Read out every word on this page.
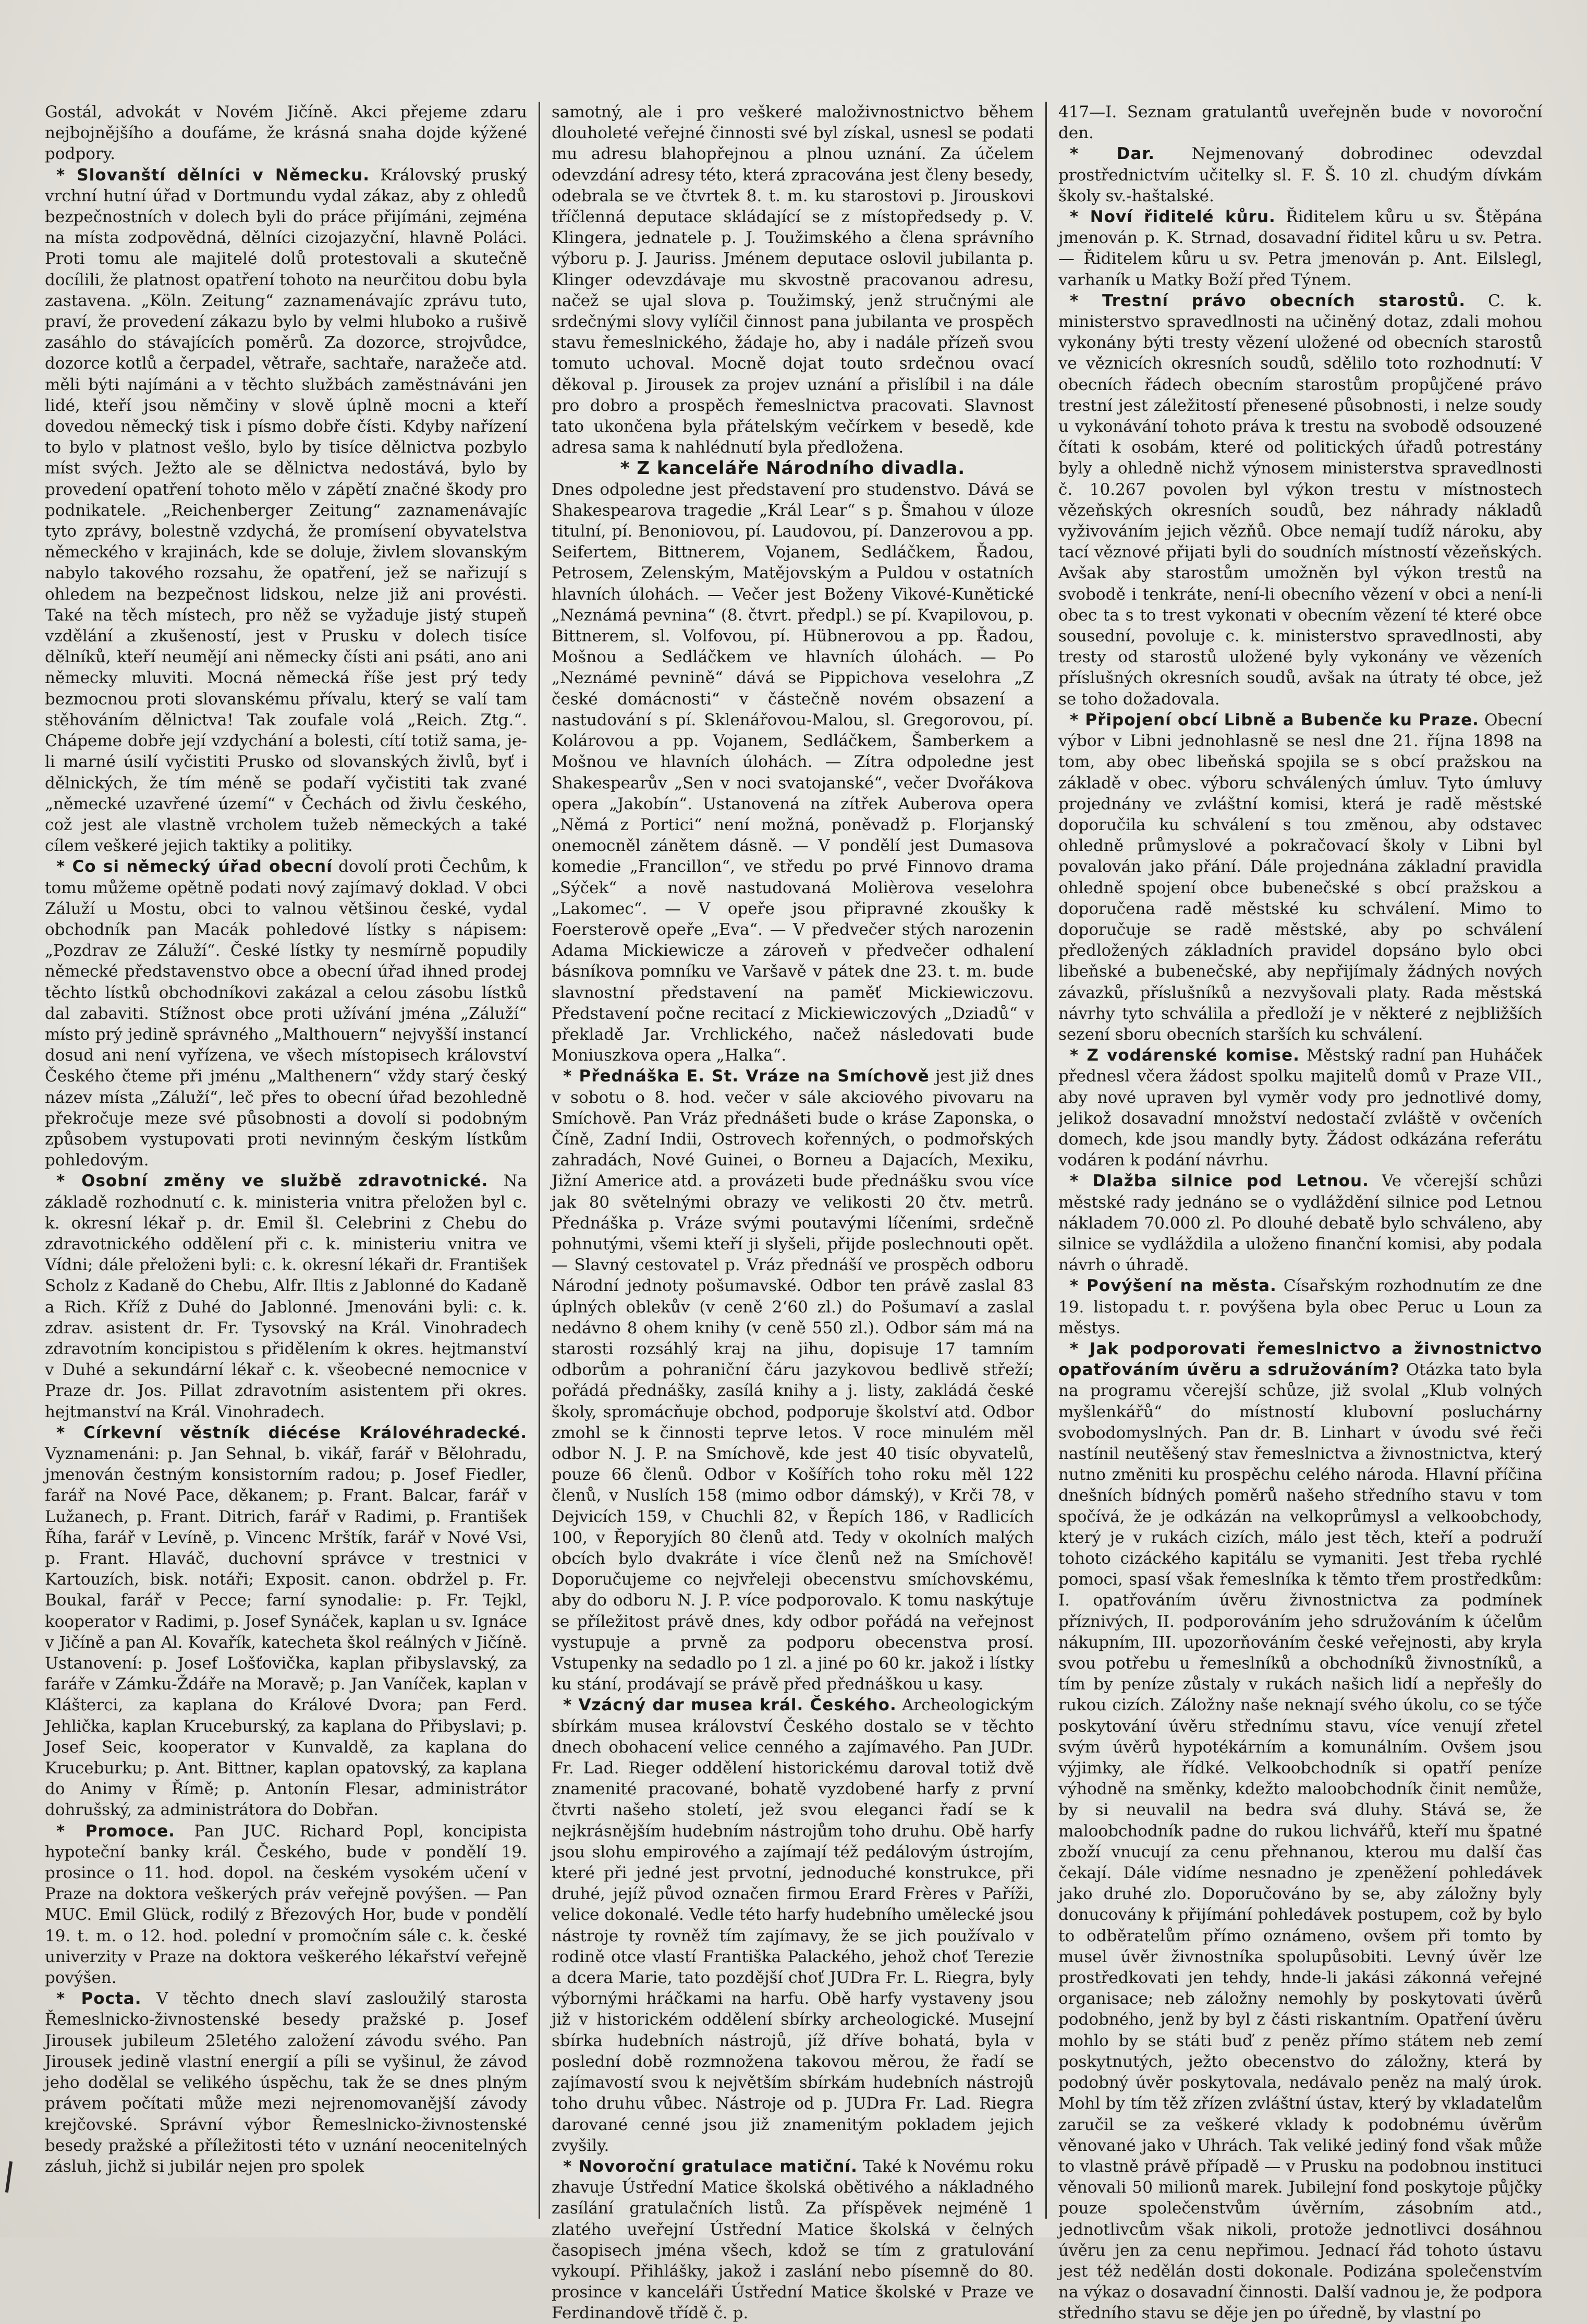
Gostál, advokát v Novém Jičíně. Akci přejeme zdaru nejbojnějšího a doufáme, že krásná snaha dojde kýžené podpory.

* Slovanští dělníci v Německu. Královský pruský vrchní hutní úřad v Dortmundu vydal zákaz, aby z ohledů bezpečnostních v dolech byli do práce přijímáni, zejména na místa zodpovědná, dělníci cizojazyční, hlavně Poláci. Proti tomu ale majitelé dolů protestovali a skutečně docílili, že platnost opatření tohoto na neurčitou dobu byla zastavena. „Köln. Zeitung“ zaznamenávajíc zprávu tuto, praví, že provedení zákazu bylo by velmi hluboko a rušivě zasáhlo do stávajících poměrů. Za dozorce, strojvůdce, dozorce kotlů a čerpadel, větraře, sachtaře, naražeče atd. měli býti najímáni a v těchto službách zaměstnáváni jen lidé, kteří jsou němčiny v slově úplně mocni a kteří dovedou německý tisk i písmo dobře čísti. Kdyby nařízení to bylo v platnost vešlo, bylo by tisíce dělnictva pozbylo míst svých. Ježto ale se dělnictva nedostává, bylo by provedení opatření tohoto mělo v zápětí značné škody pro podnikatele. „Reichenberger Zeitung“ zaznamenávajíc tyto zprávy, bolestně vzdychá, že promísení obyvatelstva německého v krajinách, kde se doluje, živlem slovanským nabylo takového rozsahu, že opatření, jež se nařizují s ohledem na bezpečnost lidskou, nelze již ani provésti. Také na těch místech, pro něž se vyžaduje jistý stupeň vzdělání a zkušeností, jest v Prusku v dolech tisíce dělníků, kteří neumějí ani německy čísti ani psáti, ano ani německy mluviti. Mocná německá říše jest prý tedy bezmocnou proti slovanskému přívalu, který se valí tam stěhováním dělnictva! Tak zoufale volá „Reich. Ztg.“. Chápeme dobře její vzdychání a bolesti, cítí totiž sama, je-li marné úsilí vyčistiti Prusko od slovanských živlů, byť i dělnických, že tím méně se podaří vyčistiti tak zvané „německé uzavřené území“ v Čechách od živlu českého, což jest ale vlastně vrcholem tužeb německých a také cílem veškeré jejich taktiky a politiky.

* Co si německý úřad obecní dovolí proti Čechům, k tomu můžeme opětně podati nový zajímavý doklad. V obci Záluží u Mostu, obci to valnou většinou české, vydal obchodník pan Macák pohledové lístky s nápisem: „Pozdrav ze Záluží“. České lístky ty nesmírně popudily německé představenstvo obce a obecní úřad ihned prodej těchto lístků obchodníkovi zakázal a celou zásobu lístků dal zabaviti. Stížnost obce proti užívání jména „Záluží“ místo prý jedině správného „Malthouern“ nejvyšší instancí dosud ani není vyřízena, ve všech místopisech království Českého čteme při jménu „Malthenern“ vždy starý český název místa „Záluží“, leč přes to obecní úřad bezohledně překročuje meze své působnosti a dovolí si podobným způsobem vystupovati proti nevinným českým lístkům pohledovým.

* Osobní změny ve službě zdravotnické. Na základě rozhodnutí c. k. ministeria vnitra přeložen byl c. k. okresní lékař p. dr. Emil šl. Celebrini z Chebu do zdravotnického oddělení při c. k. ministeriu vnitra ve Vídni; dále přeloženi byli: c. k. okresní lékaři dr. František Scholz z Kadaně do Chebu, Alfr. Iltis z Jablonné do Kadaně a Rich. Kříž z Duhé do Jablonné. Jmenováni byli: c. k. zdrav. asistent dr. Fr. Tysovský na Král. Vinohradech zdravotním koncipistou s přidělením k okres. hejtmanství v Duhé a sekundární lékař c. k. všeobecné nemocnice v Praze dr. Jos. Pillat zdravotním asistentem při okres. hejtmanství na Král. Vinohradech.

* Církevní věstník diécése Královéhradecké. Vyznamenáni: p. Jan Sehnal, b. vikář, farář v Bělohradu, jmenován čestným konsistorním radou; p. Josef Fiedler, farář na Nové Pace, děkanem; p. Frant. Balcar, farář v Lužanech, p. Frant. Ditrich, farář v Radimi, p. František Říha, farář v Levíně, p. Vincenc Mrštík, farář v Nové Vsi, p. Frant. Hlaváč, duchovní správce v trestnici v Kartouzích, bisk. notáři; Exposit. canon. obdržel p. Fr. Boukal, farář v Pecce; farní synodalie: p. Fr. Tejkl, kooperator v Radimi, p. Josef Synáček, kaplan u sv. Ignáce v Jičíně a pan Al. Kovařík, katecheta škol reálných v Jičíně. Ustanovení: p. Josef Lošťovička, kaplan přibyslavský, za faráře v Zámku-Ždáře na Moravě; p. Jan Vaníček, kaplan v Klášterci, za kaplana do Králové Dvora; pan Ferd. Jehlička, kaplan Kruceburský, za kaplana do Přibyslavi; p. Josef Seic, kooperator v Kunvaldě, za kaplana do Kruceburku; p. Ant. Bittner, kaplan opatovský, za kaplana do Animy v Římě; p. Antonín Flesar, administrátor dohrušský, za administrátora do Dobřan.

* Promoce. Pan JUC. Richard Popl, koncipista hypoteční banky král. Českého, bude v pondělí 19. prosince o 11. hod. dopol. na českém vysokém učení v Praze na doktora veškerých práv veřejně povýšen. — Pan MUC. Emil Glück, rodilý z Březových Hor, bude v pondělí 19. t. m. o 12. hod. polední v promočním sále c. k. české univerzity v Praze na doktora veškerého lékařství veřejně povýšen.

* Pocta. V těchto dnech slaví zasloužilý starosta Řemeslnicko-živnostenské besedy pražské p. Josef Jirousek jubileum 25letého založení závodu svého. Pan Jirousek jedině vlastní energií a píli se vyšinul, že závod jeho dodělal se velikého úspěchu, tak že se dnes plným právem počítati může mezi nejrenomovanější závody krejčovské. Správní výbor Řemeslnicko-živnostenské besedy pražské a příležitosti této v uznání neocenitelných zásluh, jichž si jubilár nejen pro spolek

samotný, ale i pro veškeré maloživnostnictvo během dlouholeté veřejné činnosti své byl získal, usnesl se podati mu adresu blahopřejnou a plnou uznání. Za účelem odevzdání adresy této, která zpracována jest členy besedy, odebrala se ve čtvrtek 8. t. m. ku starostovi p. Jirouskovi tříčlenná deputace skládající se z místopředsedy p. V. Klingera, jednatele p. J. Toužimského a člena správního výboru p. J. Jauriss. Jménem deputace oslovil jubilanta p. Klinger odevzdávaje mu skvostně pracovanou adresu, načež se ujal slova p. Toužimský, jenž stručnými ale srdečnými slovy vylíčil činnost pana jubilanta ve prospěch stavu řemeslnického, žádaje ho, aby i nadále přízeň svou tomuto uchoval. Mocně dojat touto srdečnou ovací děkoval p. Jirousek za projev uznání a přislíbil i na dále pro dobro a prospěch řemeslnictva pracovati. Slavnost tato ukončena byla přátelským večírkem v besedě, kde adresa sama k nahlédnutí byla předložena.

* Z kanceláře Národního divadla.
Dnes odpoledne jest představení pro studenstvo. Dává se Shakespearova tragedie „Král Lear“ s p. Šmahou v úloze titulní, pí. Benoniovou, pí. Laudovou, pí. Danzerovou a pp. Seifertem, Bittnerem, Vojanem, Sedláčkem, Řadou, Petrosem, Zelenským, Matějovským a Puldou v ostatních hlavních úlohách. — Večer jest Boženy Vikové-Kunětické „Neznámá pevnina“ (8. čtvrt. předpl.) se pí. Kvapilovou, p. Bittnerem, sl. Volfovou, pí. Hübnerovou a pp. Řadou, Mošnou a Sedláčkem ve hlavních úlohách. — Po „Neznámé pevnině“ dává se Pippichova veselohra „Z české domácnosti“ v částečně novém obsazení a nastudování s pí. Sklenářovou-Malou, sl. Gregorovou, pí. Kolárovou a pp. Vojanem, Sedláčkem, Šamberkem a Mošnou ve hlavních úlohách. — Zítra odpoledne jest Shakespearův „Sen v noci svatojanské“, večer Dvořákova opera „Jakobín“. Ustanovená na zítřek Auberova opera „Němá z Portici“ není možná, poněvadž p. Florjanský onemocněl zánětem dásně. — V pondělí jest Dumasova komedie „Francillon“, ve středu po prvé Finnovo drama „Sýček“ a nově nastudovaná Molièrova veselohra „Lakomec“. — V opeře jsou připravné zkoušky k Foersterově opeře „Eva“. — V předvečer stých narozenin Adama Mickiewicze a zároveň v předvečer odhalení básníkova pomníku ve Varšavě v pátek dne 23. t. m. bude slavnostní představení na paměť Mickiewiczovu. Představení počne recitací z Mickiewiczových „Dziadů“ v překladě Jar. Vrchlického, načež následovati bude Moniuszkova opera „Halka“.

* Přednáška E. St. Vráze na Smíchově jest již dnes v sobotu o 8. hod. večer v sále akciového pivovaru na Smíchově. Pan Vráz přednášeti bude o kráse Zaponska, o Číně, Zadní Indii, Ostrovech kořenných, o podmořských zahradách, Nové Guinei, o Borneu a Dajacích, Mexiku, Jižní Americe atd. a provázeti bude přednášku svou více jak 80 světelnými obrazy ve velikosti 20 čtv. metrů. Přednáška p. Vráze svými poutavými líčeními, srdečně pohnutými, všemi kteří ji slyšeli, přijde poslechnouti opět. — Slavný cestovatel p. Vráz přednáší ve prospěch odboru Národní jednoty pošumavské. Odbor ten právě zaslal 83 úplných oblekův (v ceně 2‘60 zl.) do Pošumaví a zaslal nedávno 8 ohem knihy (v ceně 550 zl.). Odbor sám má na starosti rozsáhlý kraj na jihu, dopisuje 17 tamním odborům a pohraniční čáru jazykovou bedlivě střeží; pořádá přednášky, zasílá knihy a j. listy, zakládá české školy, spromácňuje obchod, podporuje školství atd. Odbor zmohl se k činnosti teprve letos. V roce minulém měl odbor N. J. P. na Smíchově, kde jest 40 tisíc obyvatelů, pouze 66 členů. Odbor v Košířích toho roku měl 122 členů, v Nuslích 158 (mimo odbor dámský), v Krči 78, v Dejvicích 159, v Chuchli 82, v Řepích 186, v Radlicích 100, v Řeporyjích 80 členů atd. Tedy v okolních malých obcích bylo dvakráte i více členů než na Smíchově! Doporučujeme co nejvřeleji obecenstvu smíchovskému, aby do odboru N. J. P. více podporovalo. K tomu naskýtuje se příležitost právě dnes, kdy odbor pořádá na veřejnost vystupuje a prvně za podporu obecenstva prosí. Vstupenky na sedadlo po 1 zl. a jiné po 60 kr. jakož i lístky ku stání, prodávají se právě před přednáškou u kasy.

* Vzácný dar musea král. Českého. Archeologickým sbírkám musea království Českého dostalo se v těchto dnech obohacení velice cenného a zajímavého. Pan JUDr. Fr. Lad. Rieger oddělení historickému daroval totiž dvě znamenité pracované, bohatě vyzdobené harfy z první čtvrti našeho století, jež svou eleganci řadí se k nejkrásnějším hudebním nástrojům toho druhu. Obě harfy jsou slohu empirového a zajímají též pedálovým ústrojím, které při jedné jest prvotní, jednoduché konstrukce, při druhé, jejíž původ označen firmou Erard Frères v Paříži, velice dokonalé. Vedle této harfy hudebního umělecké jsou nástroje ty rovněž tím zajímavy, že se jich používalo v rodině otce vlastí Františka Palackého, jehož choť Terezie a dcera Marie, tato pozdější choť JUDra Fr. L. Riegra, byly výbornými hráčkami na harfu. Obě harfy vystaveny jsou již v historickém oddělení sbírky archeologické. Musejní sbírka hudebních nástrojů, jíž dříve bohatá, byla v poslední době rozmnožena takovou měrou, že řadí se zajímavostí svou k největším sbírkám hudebních nástrojů toho druhu vůbec. Nástroje od p. JUDra Fr. Lad. Riegra darované cenné jsou již znamenitým pokladem jejich zvyšily.

* Novoroční gratulace matiční. Také k Novému roku zhavuje Ústřední Matice školská obětivého a nákladného zasílání gratulačních listů. Za příspěvek nejméně 1 zlatého uveřejní Ústřední Matice školská v čelných časopisech jména všech, kdož se tím z gratulování vykoupí. Přihlášky, jakož i zaslání nebo písemně do 80. prosince v kanceláři Ústřední Matice školské v Praze ve Ferdinandově třídě č. p.

417—I. Seznam gratulantů uveřejněn bude v novoroční den.

* Dar. Nejmenovaný dobrodinec odevzdal prostřednictvím učitelky sl. F. Š. 10 zl. chudým dívkám školy sv.-haštalské.

* Noví řiditelé kůru. Řiditelem kůru u sv. Štěpána jmenován p. K. Strnad, dosavadní řiditel kůru u sv. Petra. — Řiditelem kůru u sv. Petra jmenován p. Ant. Eilslegl, varhaník u Matky Boží před Týnem.

* Trestní právo obecních starostů. C. k. ministerstvo spravedlnosti na učiněný dotaz, zdali mohou vykonány býti tresty vězení uložené od obecních starostů ve věznicích okresních soudů, sdělilo toto rozhodnutí: V obecních řádech obecním starostům propůjčené právo trestní jest záležitostí přenesené působnosti, i nelze soudy u vykonávání tohoto práva k trestu na svobodě odsouzené čítati k osobám, které od politických úřadů potrestány byly a ohledně nichž výnosem ministerstva spravedlnosti č. 10.267 povolen byl výkon trestu v místnostech vězeňských okresních soudů, bez náhrady nákladů vyživováním jejich vězňů. Obce nemají tudíž nároku, aby tací věznové přijati byli do soudních místností vězeňských. Avšak aby starostům umožněn byl výkon trestů na svobodě i tenkráte, není-li obecního vězení v obci a není-li obec ta s to trest vykonati v obecním vězení té které obce sousední, povoluje c. k. ministerstvo spravedlnosti, aby tresty od starostů uložené byly vykonány ve vězeních příslušných okresních soudů, avšak na útraty té obce, jež se toho dožadovala.

* Připojení obcí Libně a Bubenče ku Praze. Obecní výbor v Libni jednohlasně se nesl dne 21. října 1898 na tom, aby obec libeňská spojila se s obcí pražskou na základě v obec. výboru schválených úmluv. Tyto úmluvy projednány ve zvláštní komisi, která je radě městské doporučila ku schválení s tou změnou, aby odstavec ohledně průmyslové a pokračovací školy v Libni byl povalován jako přání. Dále projednána základní pravidla ohledně spojení obce bubenečské s obcí pražskou a doporučena radě městské ku schválení. Mimo to doporučuje se radě městské, aby po schválení předložených základních pravidel dopsáno bylo obci libeňské a bubenečské, aby nepřijímaly žádných nových závazků, příslušníků a nezvyšovali platy. Rada městská návrhy tyto schválila a předloží je v některé z nejbližších sezení sboru obecních starších ku schválení.

* Z vodárenské komise. Městský radní pan Huháček přednesl včera žádost spolku majitelů domů v Praze VII., aby nové upraven byl vyměr vody pro jednotlivé domy, jelikož dosavadní množství nedostačí zvláště v ovčeních domech, kde jsou mandly byty. Žádost odkázána referátu vodáren k podání návrhu.

* Dlažba silnice pod Letnou. Ve včerejší schůzi městské rady jednáno se o vydláždění silnice pod Letnou nákladem 70.000 zl. Po dlouhé debatě bylo schváleno, aby silnice se vydláždila a uloženo finanční komisi, aby podala návrh o úhradě.

* Povýšení na města. Císařským rozhodnutím ze dne 19. listopadu t. r. povýšena byla obec Peruc u Loun za městys.

* Jak podporovati řemeslnictvo a živnostnictvo opatřováním úvěru a sdružováním? Otázka tato byla na programu včerejší schůze, již svolal „Klub volných myšlenkářů“ do místností klubovní posluchárny svobodomyslných. Pan dr. B. Linhart v úvodu své řeči nastínil neutěšený stav řemeslnictva a živnostnictva, který nutno změniti ku prospěchu celého národa. Hlavní příčina dnešních bídných poměrů našeho středního stavu v tom spočívá, že je odkázán na velkoprůmysl a velkoobchody, který je v rukách cizích, málo jest těch, kteří a podruží tohoto cizáckého kapitálu se vymaniti. Jest třeba rychlé pomoci, spasí však řemeslníka k těmto třem prostředkům: I. opatřováním úvěru živnostnictva za podmínek příznivých, II. podporováním jeho sdružováním k účelům nákupním, III. upozorňováním české veřejnosti, aby kryla svou potřebu u řemeslníků a obchodníků živnostníků, a tím by peníze zůstaly v rukách našich lidí a nepřešly do rukou cizích. Záložny naše neknají svého úkolu, co se týče poskytování úvěru střednímu stavu, více venují zřetel svým úvěrů hypotékárním a komunálním. Ovšem jsou výjimky, ale řídké. Velkoobchodník si opatří peníze výhodně na směnky, kdežto maloobchodník činit nemůže, by si neuvalil na bedra svá dluhy. Stává se, že maloobchodník padne do rukou lichvářů, kteří mu špatné zboží vnucují za cenu přehnanou, kterou mu další čas čekají. Dále vidíme nesnadno je zpeněžení pohledávek jako druhé zlo. Doporučováno by se, aby záložny byly donucovány k přijímání pohledávek postupem, což by bylo to odběratelům přímo oznámeno, ovšem při tomto by musel úvěr živnostníka spolupůsobiti. Levný úvěr lze prostředkovati jen tehdy, hnde-li jakási zákonná veřejné organisace; neb záložny nemohly by poskytovati úvěrů podobného, jenž by byl z části riskantním. Opatření úvěru mohlo by se státi buď z peněz přímo státem neb zemí poskytnutých, ježto obecenstvo do záložny, která by podobný úvěr poskytovala, nedávalo peněz na malý úrok. Mohl by tím těž zřízen zvláštní ústav, který by vkladatelům zaručil se za veškeré vklady k podobnému úvěrům věnované jako v Uhrách. Tak veliké jediný fond však může to vlastně právě případě — v Prusku na podobnou instituci věnovali 50 milionů marek. Jubilejní fond poskytoje půjčky pouze společenstvům úvěrním, zásobním atd., jednotlivcům však nikoli, protože jednotlivci dosáhnou úvěru jen za cenu nepřimou. Jednací řád tohoto ústavu jest též nedělán dosti dokonale. Podizána společenstvím na výkaz o dosavadní činnosti. Další vadnou je, že podpora středního stavu se děje jen po úředně, by vlastní po
